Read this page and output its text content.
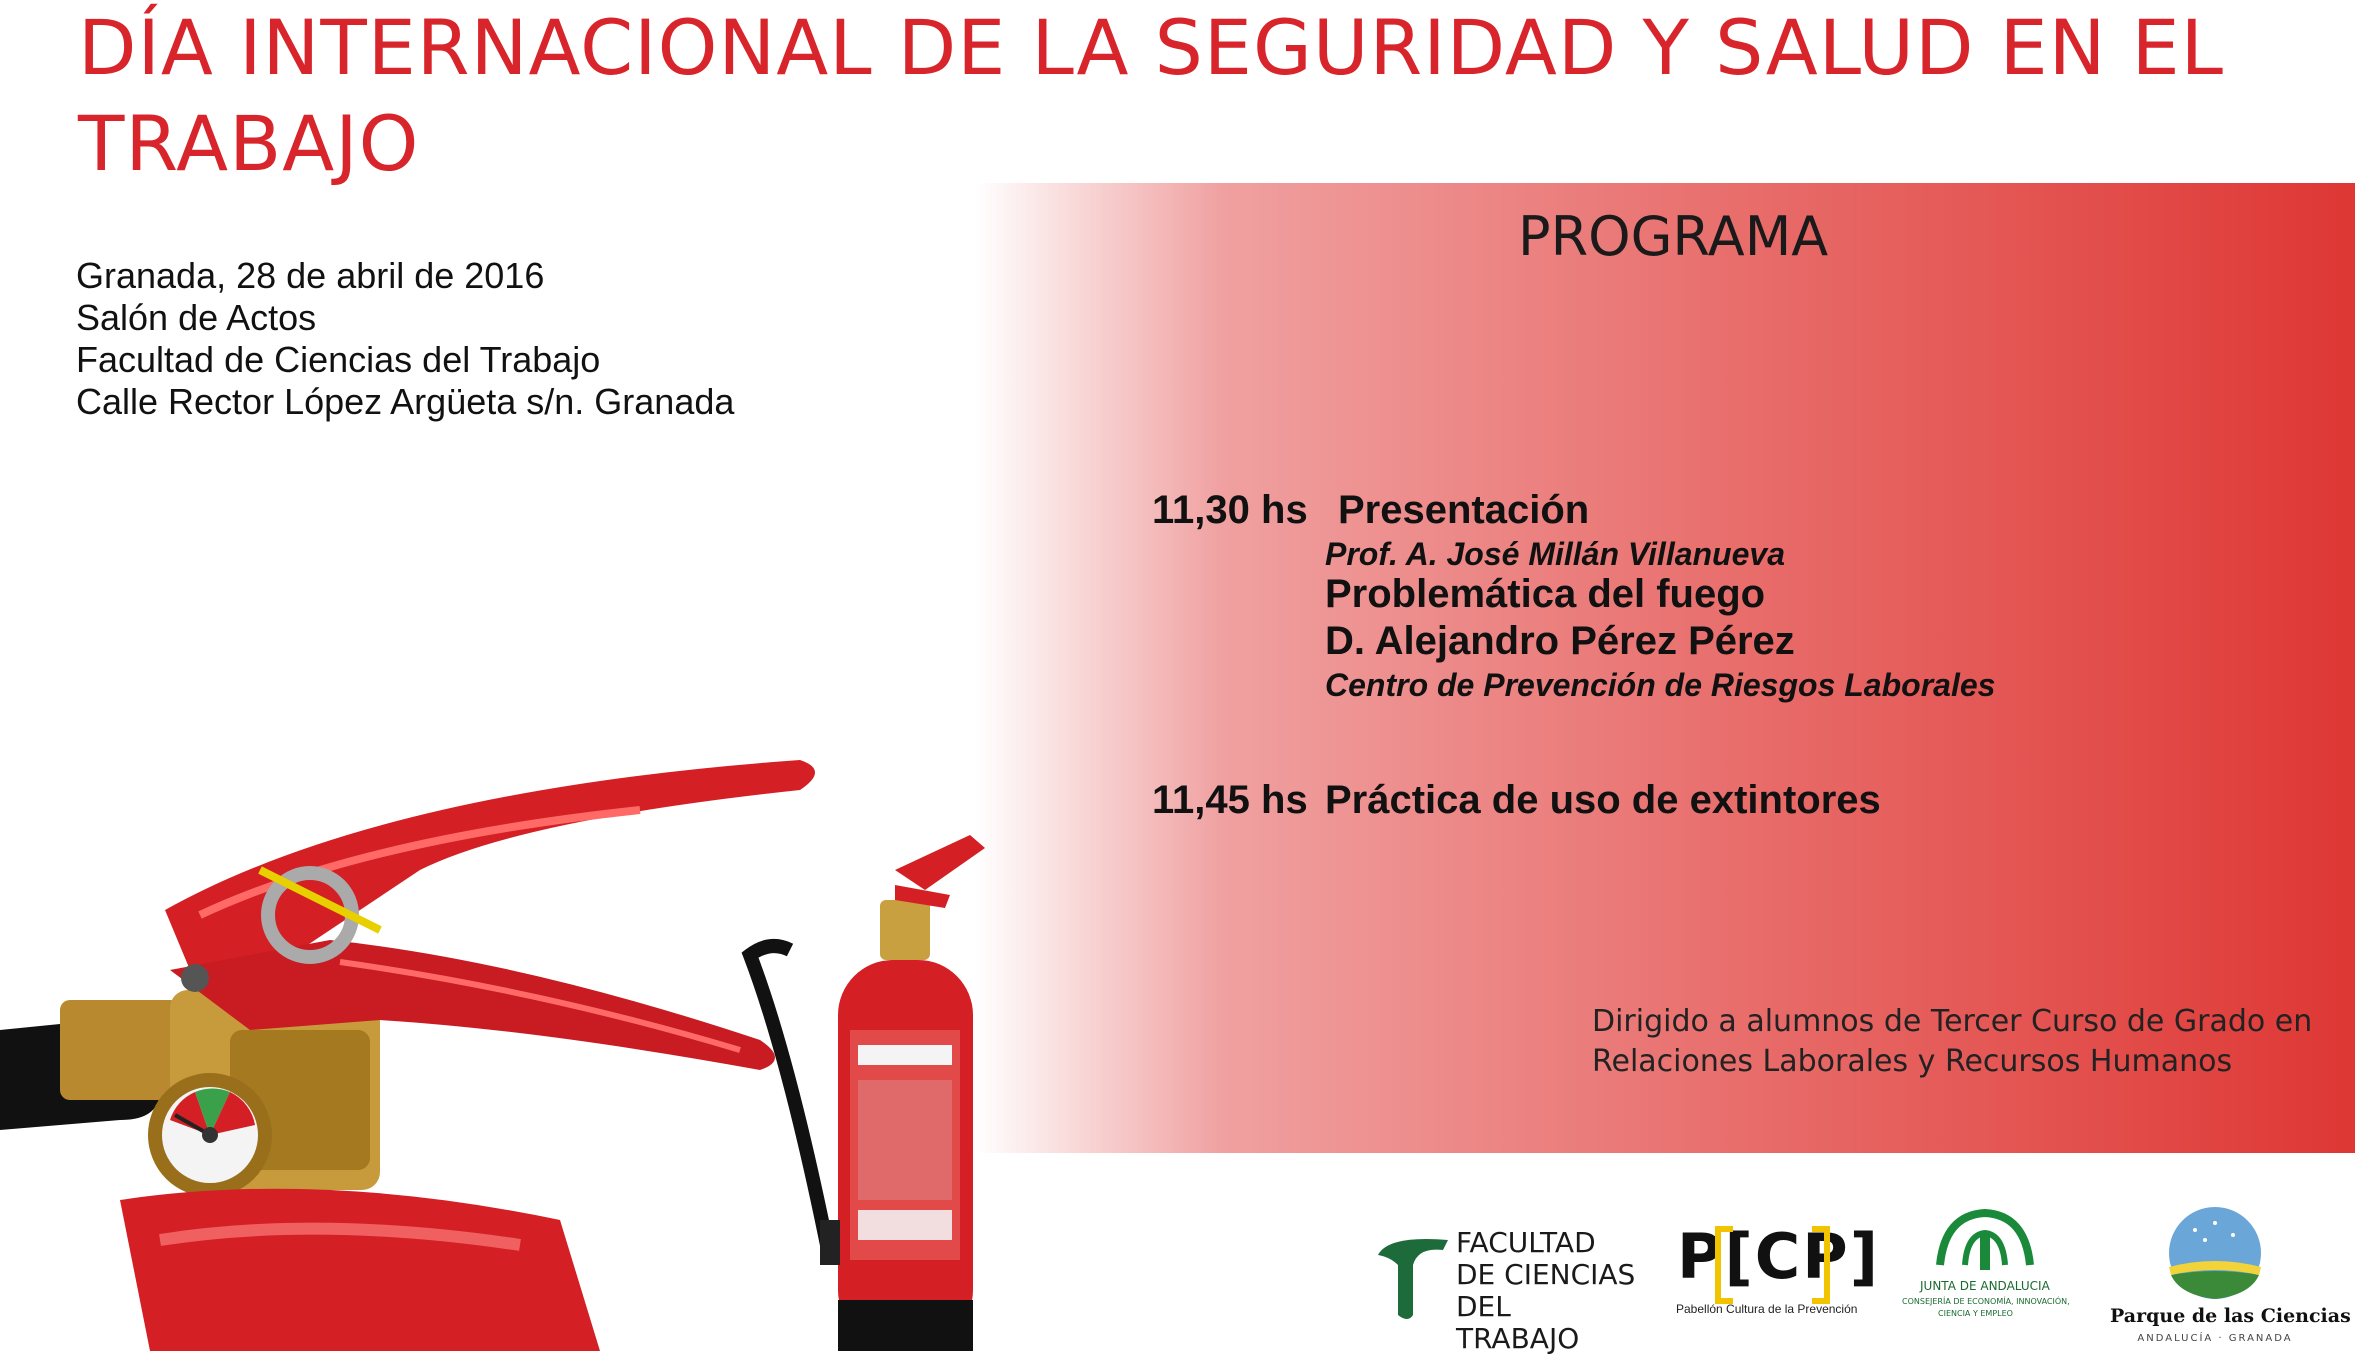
DÍA INTERNACIONAL DE LA SEGURIDAD Y SALUD EN EL TRABAJO
Granada, 28 de abril de 2016
Salón de Actos
Facultad de Ciencias del Trabajo
Calle Rector López Argüeta s/n. Granada
PROGRAMA
11,30 hs Presentación
Prof. A. José Millán Villanueva
Problemática del fuego
D. Alejandro Pérez Pérez
Centro de Prevención de Riesgos Laborales
11,45 hs Práctica de uso de extintores
Dirigido a alumnos de Tercer Curso de Grado en
Relaciones Laborales y Recursos Humanos
FACULTAD
DE CIENCIAS
DEL TRABAJO
P[CP]
Pabellón Cultura de la Prevención
JUNTA DE ANDALUCIA
CONSEJERÍA DE ECONOMÍA, INNOVACIÓN,
CIENCIA Y EMPLEO	Parque de las Ciencias
ANDALUCÍA · GRANADA
